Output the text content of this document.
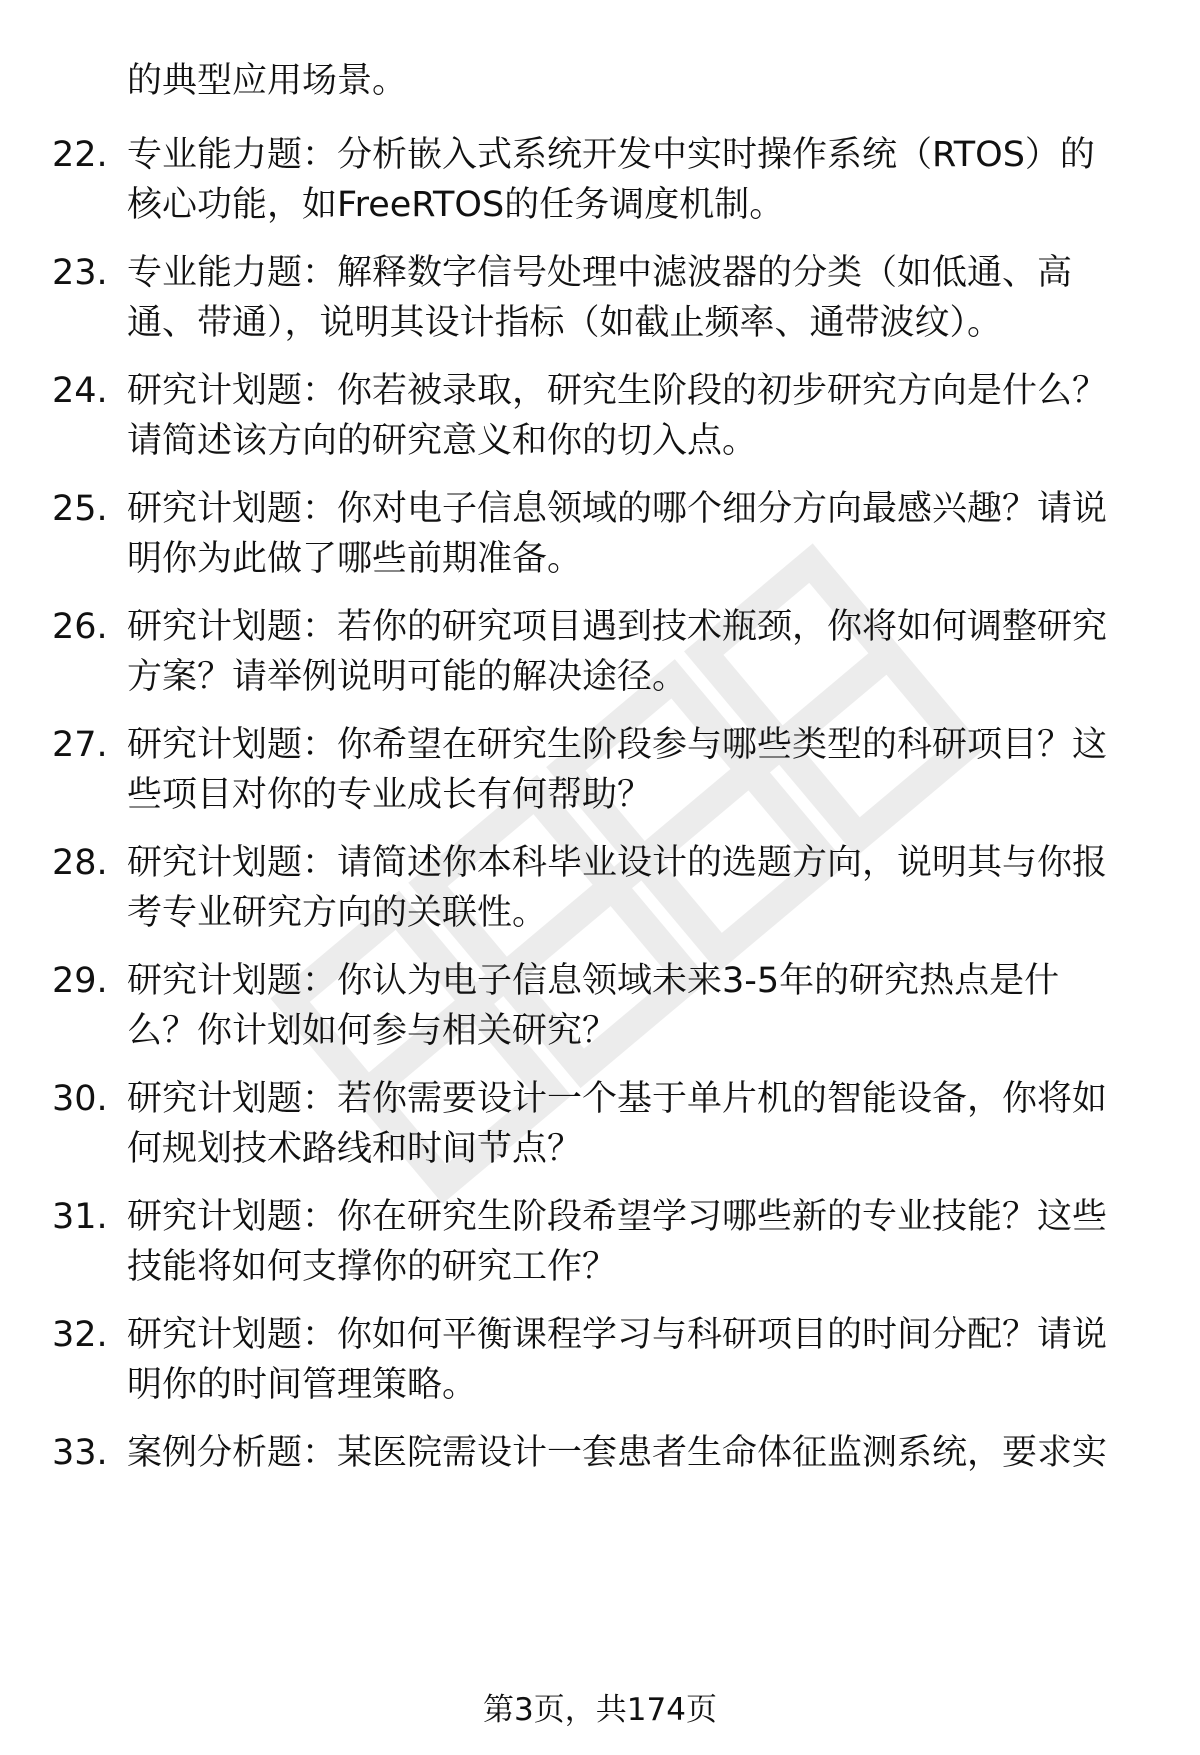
的典型应用场景。
22. 专业能力题：分析嵌入式系统开发中实时操作系统（RTOS）的
核心功能，如FreeRTOS的任务调度机制。
23. 专业能力题：解释数字信号处理中滤波器的分类（如低通、高
通、带通），说明其设计指标（如截止频率、通带波纹）。
24. 研究计划题：你若被录取，研究生阶段的初步研究方向是什么？
请简述该方向的研究意义和你的切入点。
25. 研究计划题：你对电子信息领域的哪个细分方向最感兴趣？请说
明你为此做了哪些前期准备。
26. 研究计划题：若你的研究项目遇到技术瓶颈，你将如何调整研究
方案？请举例说明可能的解决途径。
27. 研究计划题：你希望在研究生阶段参与哪些类型的科研项目？这
些项目对你的专业成长有何帮助？
28. 研究计划题：请简述你本科毕业设计的选题方向，说明其与你报
考专业研究方向的关联性。
29. 研究计划题：你认为电子信息领域未来3-5年的研究热点是什
么？你计划如何参与相关研究？
30. 研究计划题：若你需要设计一个基于单片机的智能设备，你将如
何规划技术路线和时间节点？
31. 研究计划题：你在研究生阶段希望学习哪些新的专业技能？这些
技能将如何支撑你的研究工作？
32. 研究计划题：你如何平衡课程学习与科研项目的时间分配？请说
明你的时间管理策略。
33. 案例分析题：某医院需设计一套患者生命体征监测系统，要求实
第3页，共174页
